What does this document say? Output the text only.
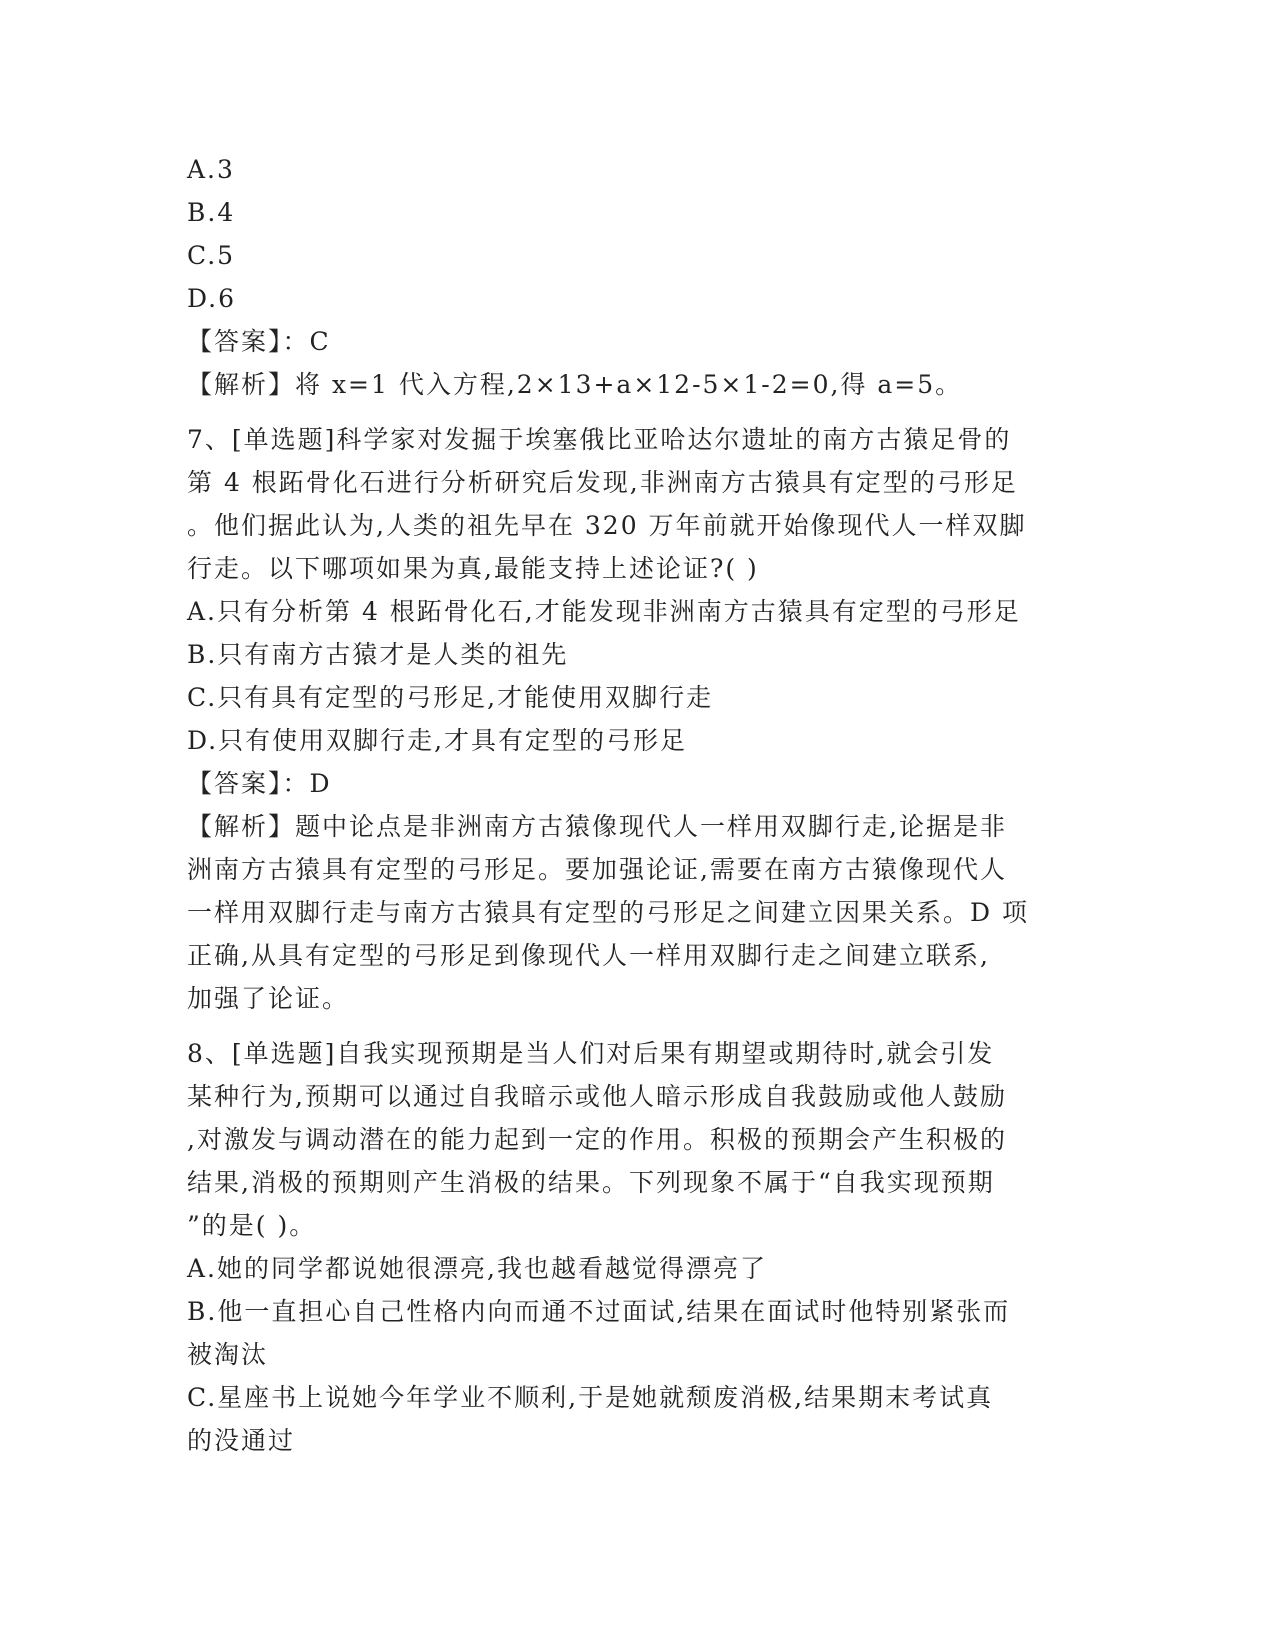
A.3
B.4
C.5
D.6
【答案】：C
【解析】将 x=1 代入方程,2×13+a×12-5×1-2=0,得 a=5。
7、[单选题]科学家对发掘于埃塞俄比亚哈达尔遗址的南方古猿足骨的
第 4 根跖骨化石进行分析研究后发现,非洲南方古猿具有定型的弓形足
。他们据此认为,人类的祖先早在 320 万年前就开始像现代人一样双脚
行走。以下哪项如果为真,最能支持上述论证?( )
A.只有分析第 4 根跖骨化石,才能发现非洲南方古猿具有定型的弓形足
B.只有南方古猿才是人类的祖先
C.只有具有定型的弓形足,才能使用双脚行走
D.只有使用双脚行走,才具有定型的弓形足
【答案】：D
【解析】题中论点是非洲南方古猿像现代人一样用双脚行走,论据是非
洲南方古猿具有定型的弓形足。要加强论证,需要在南方古猿像现代人
一样用双脚行走与南方古猿具有定型的弓形足之间建立因果关系。D 项
正确,从具有定型的弓形足到像现代人一样用双脚行走之间建立联系,
加强了论证。
8、[单选题]自我实现预期是当人们对后果有期望或期待时,就会引发
某种行为,预期可以通过自我暗示或他人暗示形成自我鼓励或他人鼓励
,对激发与调动潜在的能力起到一定的作用。积极的预期会产生积极的
结果,消极的预期则产生消极的结果。下列现象不属于“自我实现预期
”的是( )。
A.她的同学都说她很漂亮,我也越看越觉得漂亮了
B.他一直担心自己性格内向而通不过面试,结果在面试时他特别紧张而
被淘汰
C.星座书上说她今年学业不顺利,于是她就颓废消极,结果期末考试真
的没通过
